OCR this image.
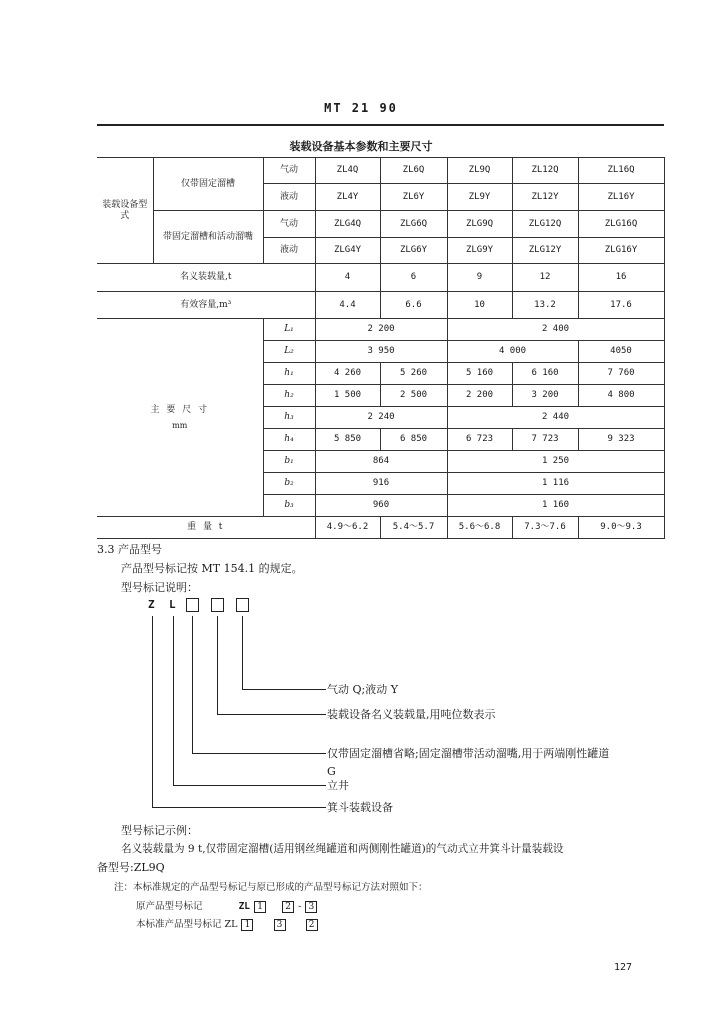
MT 21 90
装载设备基本参数和主要尺寸
装载设备型式	仅带固定溜槽	气动	ZL4Q	ZL6Q	ZL9Q	ZL12Q	ZL16Q
		液动	ZL4Y	ZL6Y	ZL9Y	ZL12Y	ZL16Y
	带固定溜槽和活动溜嘴	气动	ZLG4Q	ZLG6Q	ZLG9Q	ZLG12Q	ZLG16Q
		液动	ZLG4Y	ZLG6Y	ZLG9Y	ZLG12Y	ZLG16Y
名义装载量,t			4	6	9	12	16
有效容量,m³			4.4	6.6	10	13.2	17.6

主 要 尺 寸
mm		L₁	2 200		2 400		
		L₂	3 950		4 000		4050
		h₁	4 260	5 260	5 160	6 160	7 760
		h₂	1 500	2 500	2 200	3 200	4 800
		h₃	2 240		2 440		
		h₄	5 850	6 850	6 723	7 723	9 323
		b₁	864		1 250		
		b₂	916		1 116		
		b₃	960		1 160		
重 量 t			4.9～6.2	5.4～5.7	5.6～6.8	7.3～7.6	9.0～9.3
3.3 产品型号
产品型号标记按 MT 154.1 的规定。
型号标记说明：
Z L
气动 Q;液动 Y
装载设备名义装载量,用吨位数表示
仅带固定溜槽省略;固定溜槽带活动溜嘴,用于两端刚性罐道
G
立井
箕斗装载设备
型号标记示例：
名义装载量为 9 t,仅带固定溜槽(适用钢丝绳罐道和两侧刚性罐道)的气动式立井箕斗计量装载设
备型号:ZL9Q
注：本标准规定的产品型号标记与原已形成的产品型号标记方法对照如下：
原产品型号标记	ZL 1 2 - 3
本标准产品型号标记 ZL 1	3	2
127
